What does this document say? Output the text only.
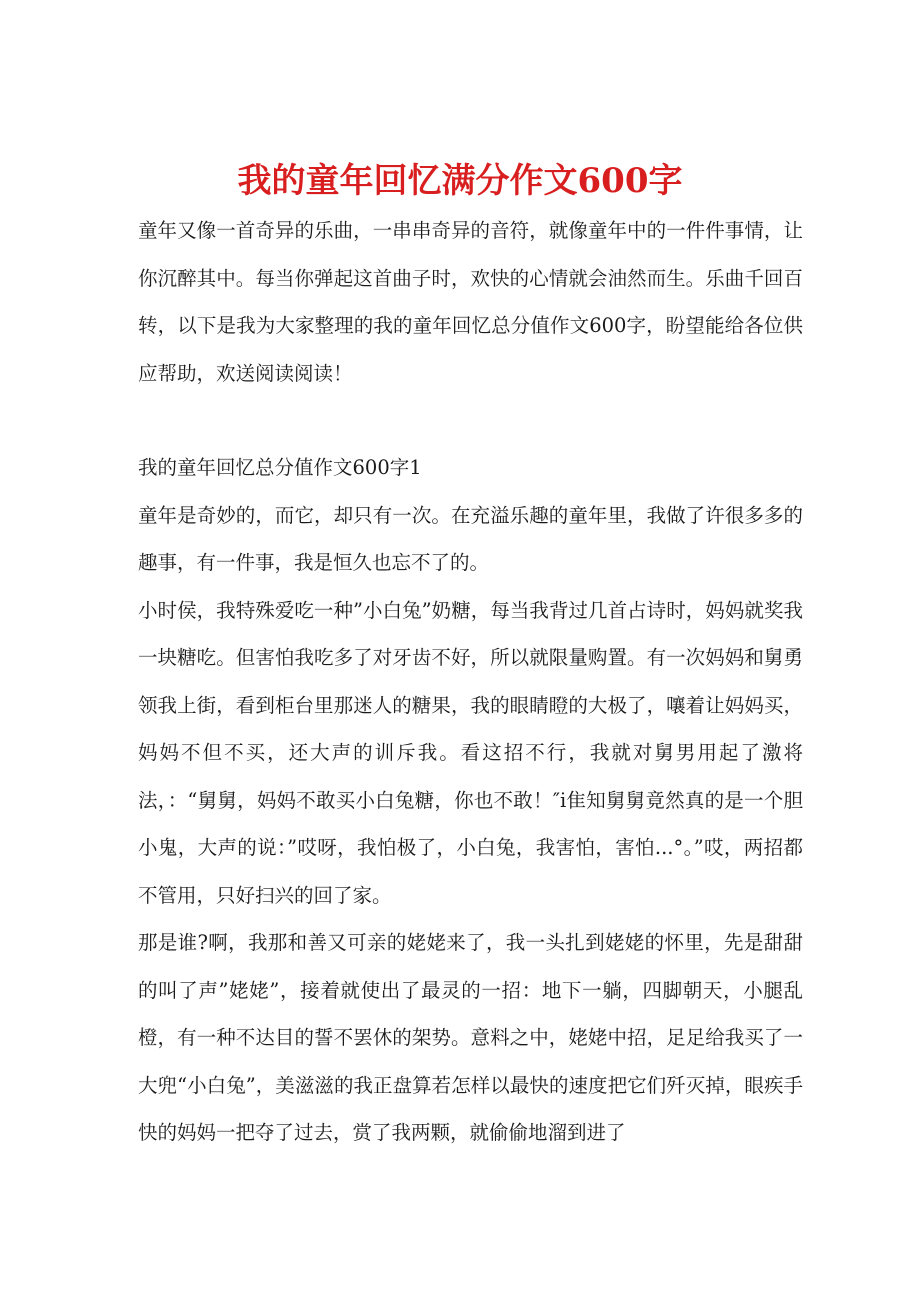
我的童年回忆满分作文600字

童年又像一首奇异的乐曲，一串串奇异的音符，就像童年中的一件件事情，让你沉醉其中。每当你弹起这首曲子时，欢快的心情就会油然而生。乐曲千回百转，以下是我为大家整理的我的童年回忆总分值作文600字，盼望能给各位供应帮助，欢送阅读阅读！

我的童年回忆总分值作文600字1

童年是奇妙的，而它，却只有一次。在充溢乐趣的童年里，我做了许很多多的趣事，有一件事，我是恒久也忘不了的。

小时侯，我特殊爱吃一种”小白兔”奶糖，每当我背过几首占诗时，妈妈就奖我一块糖吃。但害怕我吃多了对牙齿不好，所以就限量购置。有一次妈妈和舅勇领我上街，看到柜台里那迷人的糖果，我的眼睛瞪的大极了，嚷着让妈妈买，妈妈不但不买，还大声的训斥我。看这招不行，我就对舅男用起了激将法，：“舅舅，妈妈不敢买小白兔糖，你也不敢！″i隹知舅舅竟然真的是一个胆小鬼，大声的说：”哎呀，我怕极了，小白兔，我害怕，害怕...°。”哎，两招都不管用，只好扫兴的回了家。

那是谁?啊，我那和善又可亲的姥姥来了，我一头扎到姥姥的怀里，先是甜甜的叫了声”姥姥”，接着就使出了最灵的一招：地下一躺，四脚朝天，小腿乱橙，有一种不达目的誓不罢休的架势。意料之中，姥姥中招，足足给我买了一大兜“小白兔”，美滋滋的我正盘算若怎样以最快的速度把它们歼灭掉，眼疾手快的妈妈一把夺了过去，赏了我两颗，就偷偷地溜到进了
